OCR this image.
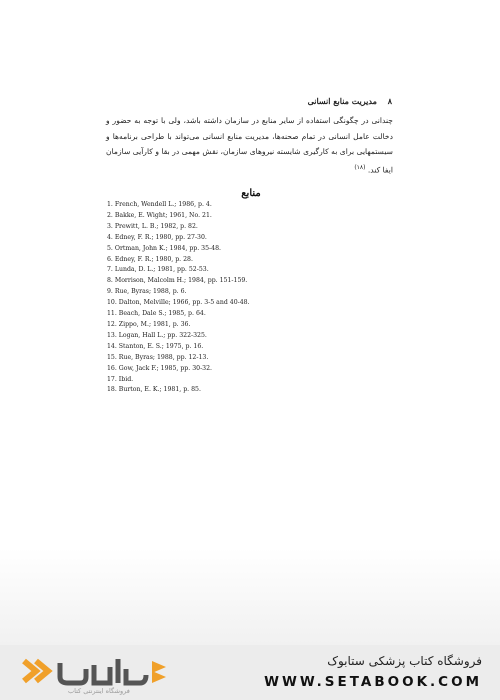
۸ مدیریت منابع انسانی
چندانی در چگونگی استفاده از سایر منابع در سازمان داشته باشد، ولی با توجه به حضور و دخالت عامل انسانی در تمام صحنه‌ها، مدیریت منابع انسانی می‌تواند با طراحی برنامه‌ها و سیستمهایی برای به کارگیری شایسته نیروهای سازمان، نقش مهمی در بقا و کارآیی سازمان ایفا کند. $^{(۱۸)}$
منابع
1. French, Wendell L.; 1986, p. 4.
2. Bakke, E. Wight; 1961, No. 21.
3. Prewitt, L. B.; 1982, p. 82.
4. Edney, F. R.; 1980, pp. 27-30.
5. Ortman, John K.; 1984, pp. 35-48.
6. Edney, F. R.; 1980, p. 28.
7. Lunda, D. L.; 1981, pp. 52-53.
8. Morrison, Malcolm H.; 1984, pp. 151-159.
9. Rue, Byras; 1988, p. 6.
10. Dalton, Melville; 1966, pp. 3-5 and 40-48.
11. Beach, Dale S.; 1985, p. 64.
12. Zippo, M.; 1981, p. 36.
13. Logan, Hall L.; pp. 322-325.
14. Stanton, E. S.; 1975, p. 16.
15. Rue, Byras; 1988, pp. 12-13.
16. Gow, Jack F.; 1985, pp. 30-32.
17. Ibid.
18. Burton, E. K.; 1981, p. 85.
فروشگاه اینترنتی کتاب
فروشگاه کتاب پزشکی ستابوک
WWW.SETABOOK.COM
